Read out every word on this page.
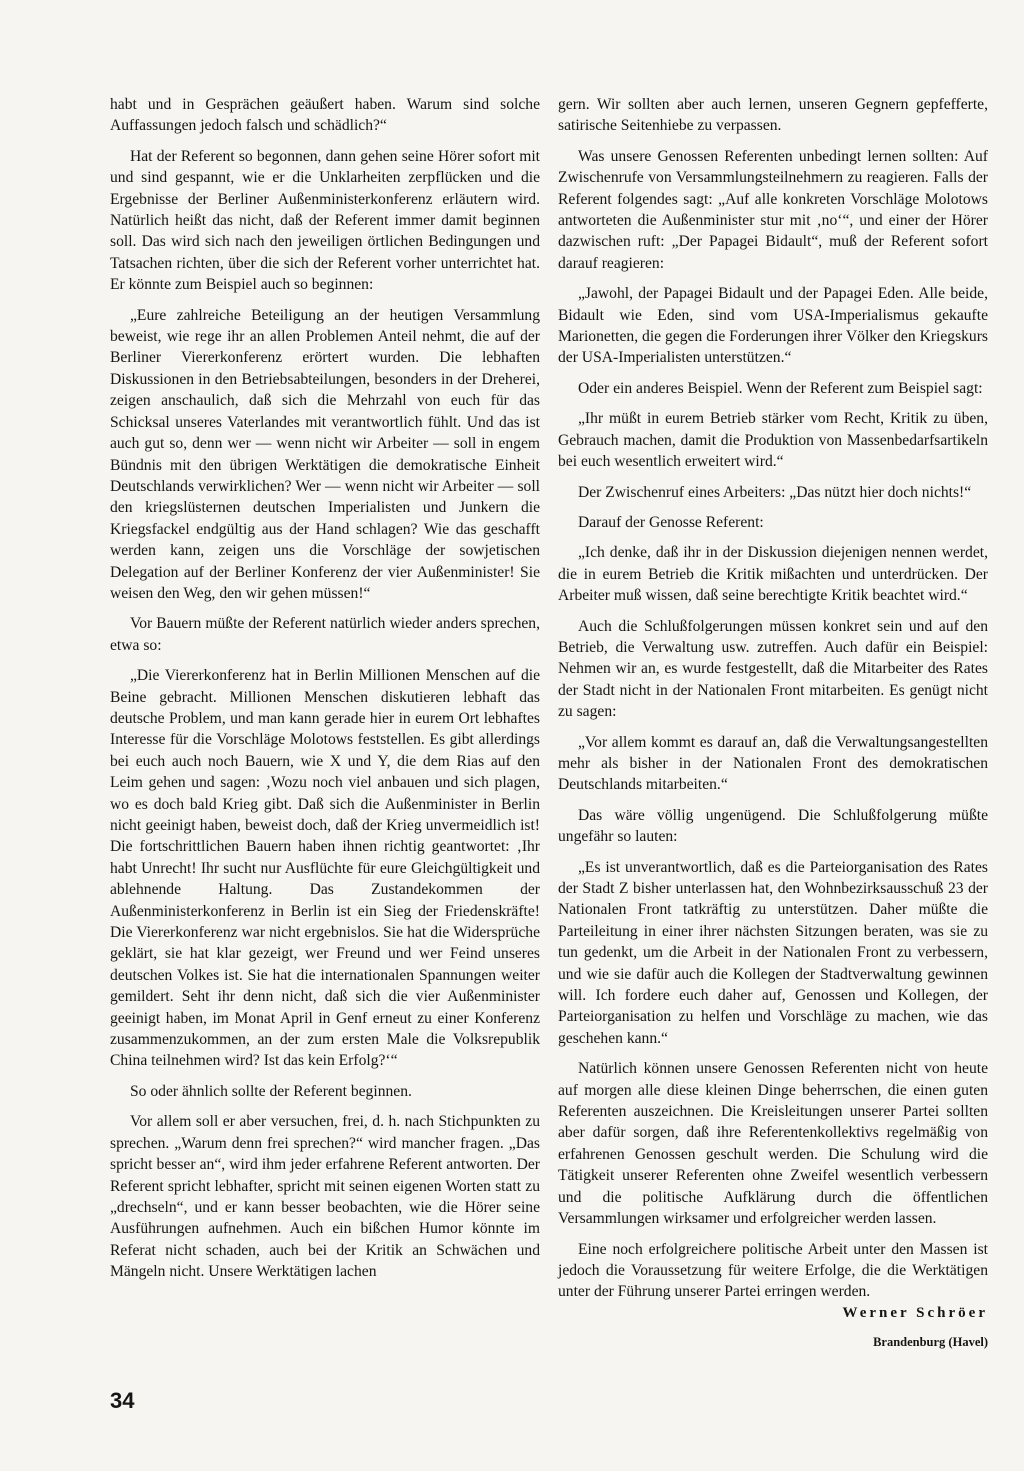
habt und in Gesprächen geäußert haben. Warum sind solche Auffassungen jedoch falsch und schädlich?“

Hat der Referent so begonnen, dann gehen seine Hörer sofort mit und sind gespannt, wie er die Unklarheiten zerpflücken und die Ergebnisse der Berliner Außenministerkonferenz erläutern wird. Natürlich heißt das nicht, daß der Referent immer damit beginnen soll. Das wird sich nach den jeweiligen örtlichen Bedingungen und Tatsachen richten, über die sich der Referent vorher unterrichtet hat. Er könnte zum Beispiel auch so beginnen:

„Eure zahlreiche Beteiligung an der heutigen Versammlung beweist, wie rege ihr an allen Problemen Anteil nehmt, die auf der Berliner Viererkonferenz erörtert wurden. Die lebhaften Diskussionen in den Betriebsabteilungen, besonders in der Dreherei, zeigen anschaulich, daß sich die Mehrzahl von euch für das Schicksal unseres Vaterlandes mit verantwortlich fühlt. Und das ist auch gut so, denn wer — wenn nicht wir Arbeiter — soll in engem Bündnis mit den übrigen Werktätigen die demokratische Einheit Deutschlands verwirklichen? Wer — wenn nicht wir Arbeiter — soll den kriegslüsternen deutschen Imperialisten und Junkern die Kriegsfackel endgültig aus der Hand schlagen? Wie das geschafft werden kann, zeigen uns die Vorschläge der sowjetischen Delegation auf der Berliner Konferenz der vier Außenminister! Sie weisen den Weg, den wir gehen müssen!“

Vor Bauern müßte der Referent natürlich wieder anders sprechen, etwa so:

„Die Viererkonferenz hat in Berlin Millionen Menschen auf die Beine gebracht. Millionen Menschen diskutieren lebhaft das deutsche Problem, und man kann gerade hier in eurem Ort lebhaftes Interesse für die Vorschläge Molotows feststellen. Es gibt allerdings bei euch auch noch Bauern, wie X und Y, die dem Rias auf den Leim gehen und sagen: ‚Wozu noch viel anbauen und sich plagen, wo es doch bald Krieg gibt. Daß sich die Außenminister in Berlin nicht geeinigt haben, beweist doch, daß der Krieg unvermeidlich ist! Die fortschrittlichen Bauern haben ihnen richtig geantwortet: ‚Ihr habt Unrecht! Ihr sucht nur Ausflüchte für eure Gleichgültigkeit und ablehnende Haltung. Das Zustandekommen der Außenministerkonferenz in Berlin ist ein Sieg der Friedenskräfte! Die Viererkonferenz war nicht ergebnislos. Sie hat die Widersprüche geklärt, sie hat klar gezeigt, wer Freund und wer Feind unseres deutschen Volkes ist. Sie hat die internationalen Spannungen weiter gemildert. Seht ihr denn nicht, daß sich die vier Außenminister geeinigt haben, im Monat April in Genf erneut zu einer Konferenz zusammenzukommen, an der zum ersten Male die Volksrepublik China teilnehmen wird? Ist das kein Erfolg?‘“

So oder ähnlich sollte der Referent beginnen.

Vor allem soll er aber versuchen, frei, d. h. nach Stichpunkten zu sprechen. „Warum denn frei sprechen?“ wird mancher fragen. „Das spricht besser an“, wird ihm jeder erfahrene Referent antworten. Der Referent spricht lebhafter, spricht mit seinen eigenen Worten statt zu „drechseln“, und er kann besser beobachten, wie die Hörer seine Ausführungen aufnehmen. Auch ein bißchen Humor könnte im Referat nicht schaden, auch bei der Kritik an Schwächen und Mängeln nicht. Unsere Werktätigen lachen

gern. Wir sollten aber auch lernen, unseren Gegnern gepfefferte, satirische Seitenhiebe zu verpassen.

Was unsere Genossen Referenten unbedingt lernen sollten: Auf Zwischenrufe von Versammlungsteilnehmern zu reagieren. Falls der Referent folgendes sagt: „Auf alle konkreten Vorschläge Molotows antworteten die Außenminister stur mit ‚no‘“, und einer der Hörer dazwischen ruft: „Der Papagei Bidault“, muß der Referent sofort darauf reagieren:

„Jawohl, der Papagei Bidault und der Papagei Eden. Alle beide, Bidault wie Eden, sind vom USA-Imperialismus gekaufte Marionetten, die gegen die Forderungen ihrer Völker den Kriegskurs der USA-Imperialisten unterstützen.“

Oder ein anderes Beispiel. Wenn der Referent zum Beispiel sagt:

„Ihr müßt in eurem Betrieb stärker vom Recht, Kritik zu üben, Gebrauch machen, damit die Produktion von Massenbedarfsartikeln bei euch wesentlich erweitert wird.“

Der Zwischenruf eines Arbeiters: „Das nützt hier doch nichts!“

Darauf der Genosse Referent:

„Ich denke, daß ihr in der Diskussion diejenigen nennen werdet, die in eurem Betrieb die Kritik mißachten und unterdrücken. Der Arbeiter muß wissen, daß seine berechtigte Kritik beachtet wird.“

Auch die Schlußfolgerungen müssen konkret sein und auf den Betrieb, die Verwaltung usw. zutreffen. Auch dafür ein Beispiel: Nehmen wir an, es wurde festgestellt, daß die Mitarbeiter des Rates der Stadt nicht in der Nationalen Front mitarbeiten. Es genügt nicht zu sagen:

„Vor allem kommt es darauf an, daß die Verwaltungsangestellten mehr als bisher in der Nationalen Front des demokratischen Deutschlands mitarbeiten.“

Das wäre völlig ungenügend. Die Schlußfolgerung müßte ungefähr so lauten:

„Es ist unverantwortlich, daß es die Parteiorganisation des Rates der Stadt Z bisher unterlassen hat, den Wohnbezirksausschuß 23 der Nationalen Front tatkräftig zu unterstützen. Daher müßte die Parteileitung in einer ihrer nächsten Sitzungen beraten, was sie zu tun gedenkt, um die Arbeit in der Nationalen Front zu verbessern, und wie sie dafür auch die Kollegen der Stadtverwaltung gewinnen will. Ich fordere euch daher auf, Genossen und Kollegen, der Parteiorganisation zu helfen und Vorschläge zu machen, wie das geschehen kann.“

Natürlich können unsere Genossen Referenten nicht von heute auf morgen alle diese kleinen Dinge beherrschen, die einen guten Referenten auszeichnen. Die Kreisleitungen unserer Partei sollten aber dafür sorgen, daß ihre Referentenkollektivs regelmäßig von erfahrenen Genossen geschult werden. Die Schulung wird die Tätigkeit unserer Referenten ohne Zweifel wesentlich verbessern und die politische Aufklärung durch die öffentlichen Versammlungen wirksamer und erfolgreicher werden lassen.

Eine noch erfolgreichere politische Arbeit unter den Massen ist jedoch die Voraussetzung für weitere Erfolge, die die Werktätigen unter der Führung unserer Partei erringen werden.

Werner Schröer

Brandenburg (Havel)

34
